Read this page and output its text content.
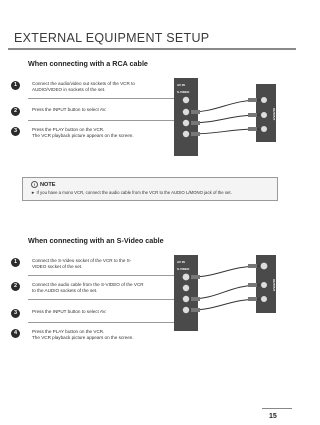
EXTERNAL EQUIPMENT SETUP
When connecting with a RCA cable
1	Connect the audio/video out sockets of the VCR to
AUDIO/VIDEO in sockets of the set.
2	Press the INPUT button to select AV.
3	Press the PLAY button on the VCR.
The VCR playback picture appears on the screen.
AV IN
S-VIDEO
OUTPUT
! NOTE
► If you have a mono VCR, connect the audio cable from the VCR to the AUDIO L/MONO jack of the set.
When connecting with an S-Video cable
1	Connect the S-Video socket of the VCR to the S-
VIDEO socket of the set.
2	Connect the audio cable from the S-VIDEO of the VCR
to the AUDIO sockets of the set.
3	Press the INPUT button to select AV.
4	Press the PLAY button on the VCR.
The VCR playback picture appears on the screen.
AV IN
S-VIDEO
OUTPUT
15
